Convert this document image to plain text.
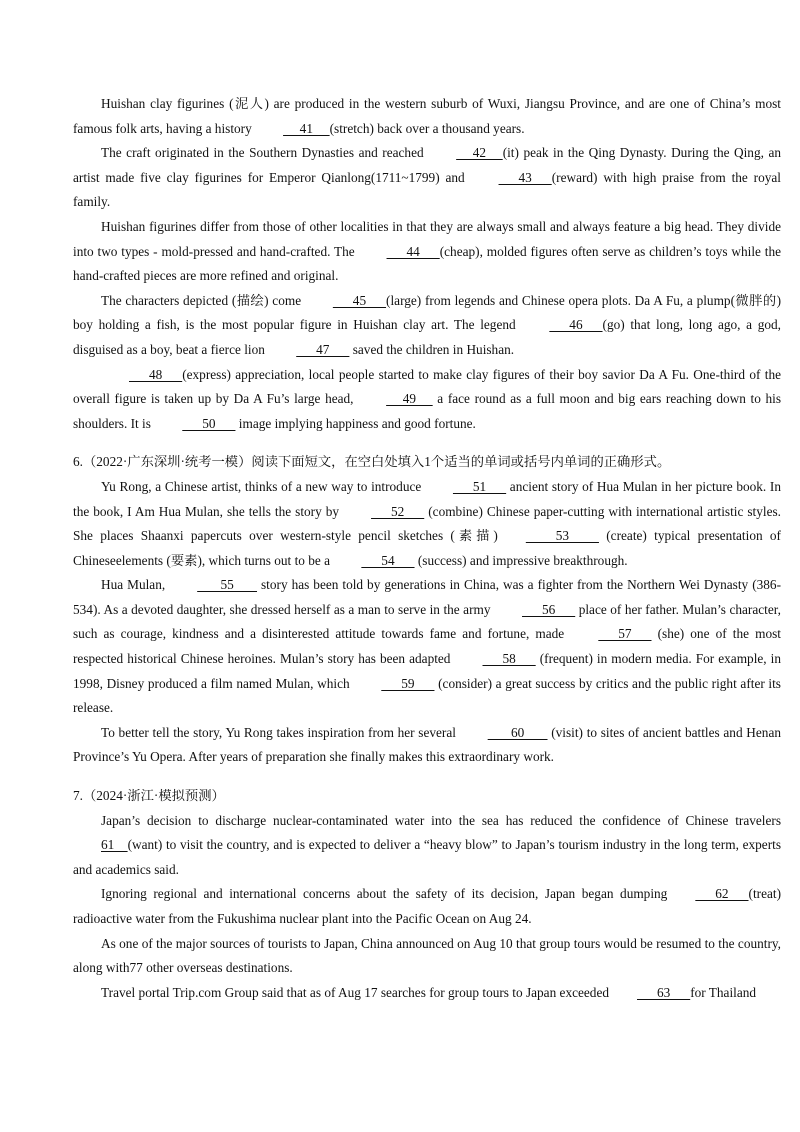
Huishan clay figurines (泥人) are produced in the western suburb of Wuxi, Jiangsu Province, and are one of China’s most famous folk arts, having a history      41     (stretch) back over a thousand years.

The craft originated in the Southern Dynasties and reached      42     (it) peak in the Qing Dynasty. During the Qing, an artist made five clay figurines for Emperor Qianlong(1711~1799) and       43      (reward) with high praise from the royal family.

Huishan figurines differ from those of other localities in that they are always small and always feature a big head. They divide into two types - mold-pressed and hand-crafted. The       44      (cheap), molded figures often serve as children’s toys while the hand-crafted pieces are more refined and original.

The characters depicted (描绘) come       45      (large) from legends and Chinese opera plots. Da A Fu, a plump(微胖的) boy holding a fish, is the most popular figure in Huishan clay art. The legend       46      (go) that long, long ago, a god, disguised as a boy, beat a fierce lion       47       saved the children in Huishan.

48      (express) appreciation, local people started to make clay figures of their boy savior Da A Fu. One-third of the overall figure is taken up by Da A Fu’s large head,      49      a face round as a full moon and big ears reaching down to his shoulders. It is       50       image implying happiness and good fortune.

6.（2022·广东深圳·统考一模）阅读下面短文，在空白处填入1个适当的单词或括号内单词的正确形式。

Yu Rong, a Chinese artist, thinks of a new way to introduce       51       ancient story of Hua Mulan in her picture book. In the book, I Am Hua Mulan, she tells the story by       52       (combine) Chinese paper-cutting with international artistic styles. She places Shaanxi papercuts over western-style pencil sketches (素描)         53          (create) typical presentation of Chineseelements (要素), which turns out to be a       54       (success) and impressive breakthrough.

Hua Mulan,        55        story has been told by generations in China, was a fighter from the Northern Wei Dynasty (386-534). As a devoted daughter, she dressed herself as a man to serve in the army       56       place of her father. Mulan’s character, such as courage, kindness and a disinterested attitude towards fame and fortune, made       57       (she) one of the most respected historical Chinese heroines. Mulan’s story has been adapted       58       (frequent) in modern media. For example, in 1998, Disney produced a film named Mulan, which       59       (consider) a great success by critics and the public right after its release.

To better tell the story, Yu Rong takes inspiration from her several        60        (visit) to sites of ancient battles and Henan Province’s Yu Opera. After years of preparation she finally makes this extraordinary work.

7.（2024·浙江·模拟预测）

Japan’s decision to discharge nuclear-contaminated water into the sea has reduced the confidence of Chinese travelers 61    (want) to visit the country, and is expected to deliver a “heavy blow” to Japan’s tourism industry in the long term, experts and academics said.

Ignoring regional and international concerns about the safety of its decision, Japan began dumping      62      (treat) radioactive water from the Fukushima nuclear plant into the Pacific Ocean on Aug 24.

As one of the major sources of tourists to Japan, China announced on Aug 10 that group tours would be resumed to the country, along with77 other overseas destinations.

Travel portal Trip.com Group said that as of Aug 17 searches for group tours to Japan exceeded      63      for Thailand
